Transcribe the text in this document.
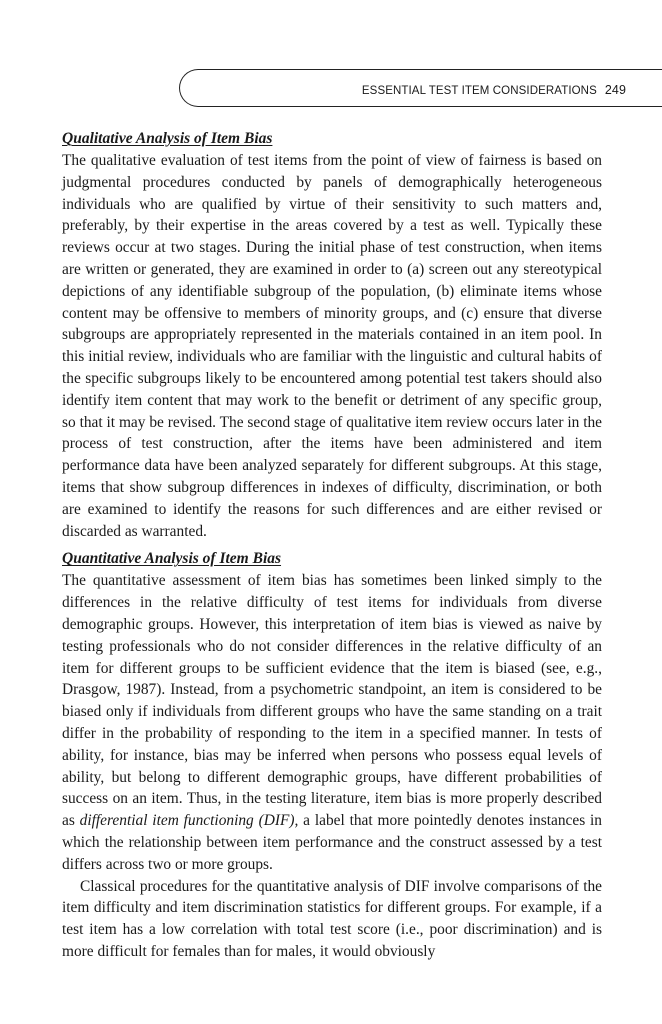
ESSENTIAL TEST ITEM CONSIDERATIONS 249
Qualitative Analysis of Item Bias

The qualitative evaluation of test items from the point of view of fairness is based on judgmental procedures conducted by panels of demographically heterogeneous individuals who are qualified by virtue of their sensitivity to such matters and, preferably, by their expertise in the areas covered by a test as well. Typically these reviews occur at two stages. During the initial phase of test construction, when items are written or generated, they are examined in order to (a) screen out any stereotypical depictions of any identifiable subgroup of the population, (b) eliminate items whose content may be offensive to members of minority groups, and (c) ensure that diverse subgroups are appropriately represented in the materials contained in an item pool. In this initial review, individuals who are familiar with the linguistic and cultural habits of the specific subgroups likely to be encountered among potential test takers should also identify item content that may work to the benefit or detriment of any specific group, so that it may be revised. The second stage of qualitative item review occurs later in the process of test construction, after the items have been administered and item performance data have been analyzed separately for different subgroups. At this stage, items that show subgroup differences in indexes of difficulty, discrimination, or both are examined to identify the reasons for such differences and are either revised or discarded as warranted.

Quantitative Analysis of Item Bias

The quantitative assessment of item bias has sometimes been linked simply to the differences in the relative difficulty of test items for individuals from diverse demographic groups. However, this interpretation of item bias is viewed as naive by testing professionals who do not consider differences in the relative difficulty of an item for different groups to be sufficient evidence that the item is biased (see, e.g., Drasgow, 1987). Instead, from a psychometric standpoint, an item is considered to be biased only if individuals from different groups who have the same standing on a trait differ in the probability of responding to the item in a specified manner. In tests of ability, for instance, bias may be inferred when persons who possess equal levels of ability, but belong to different demographic groups, have different probabilities of success on an item. Thus, in the testing literature, item bias is more properly described as differential item functioning (DIF), a label that more pointedly denotes instances in which the relationship between item performance and the construct assessed by a test differs across two or more groups.

Classical procedures for the quantitative analysis of DIF involve comparisons of the item difficulty and item discrimination statistics for different groups. For example, if a test item has a low correlation with total test score (i.e., poor discrimination) and is more difficult for females than for males, it would obviously
